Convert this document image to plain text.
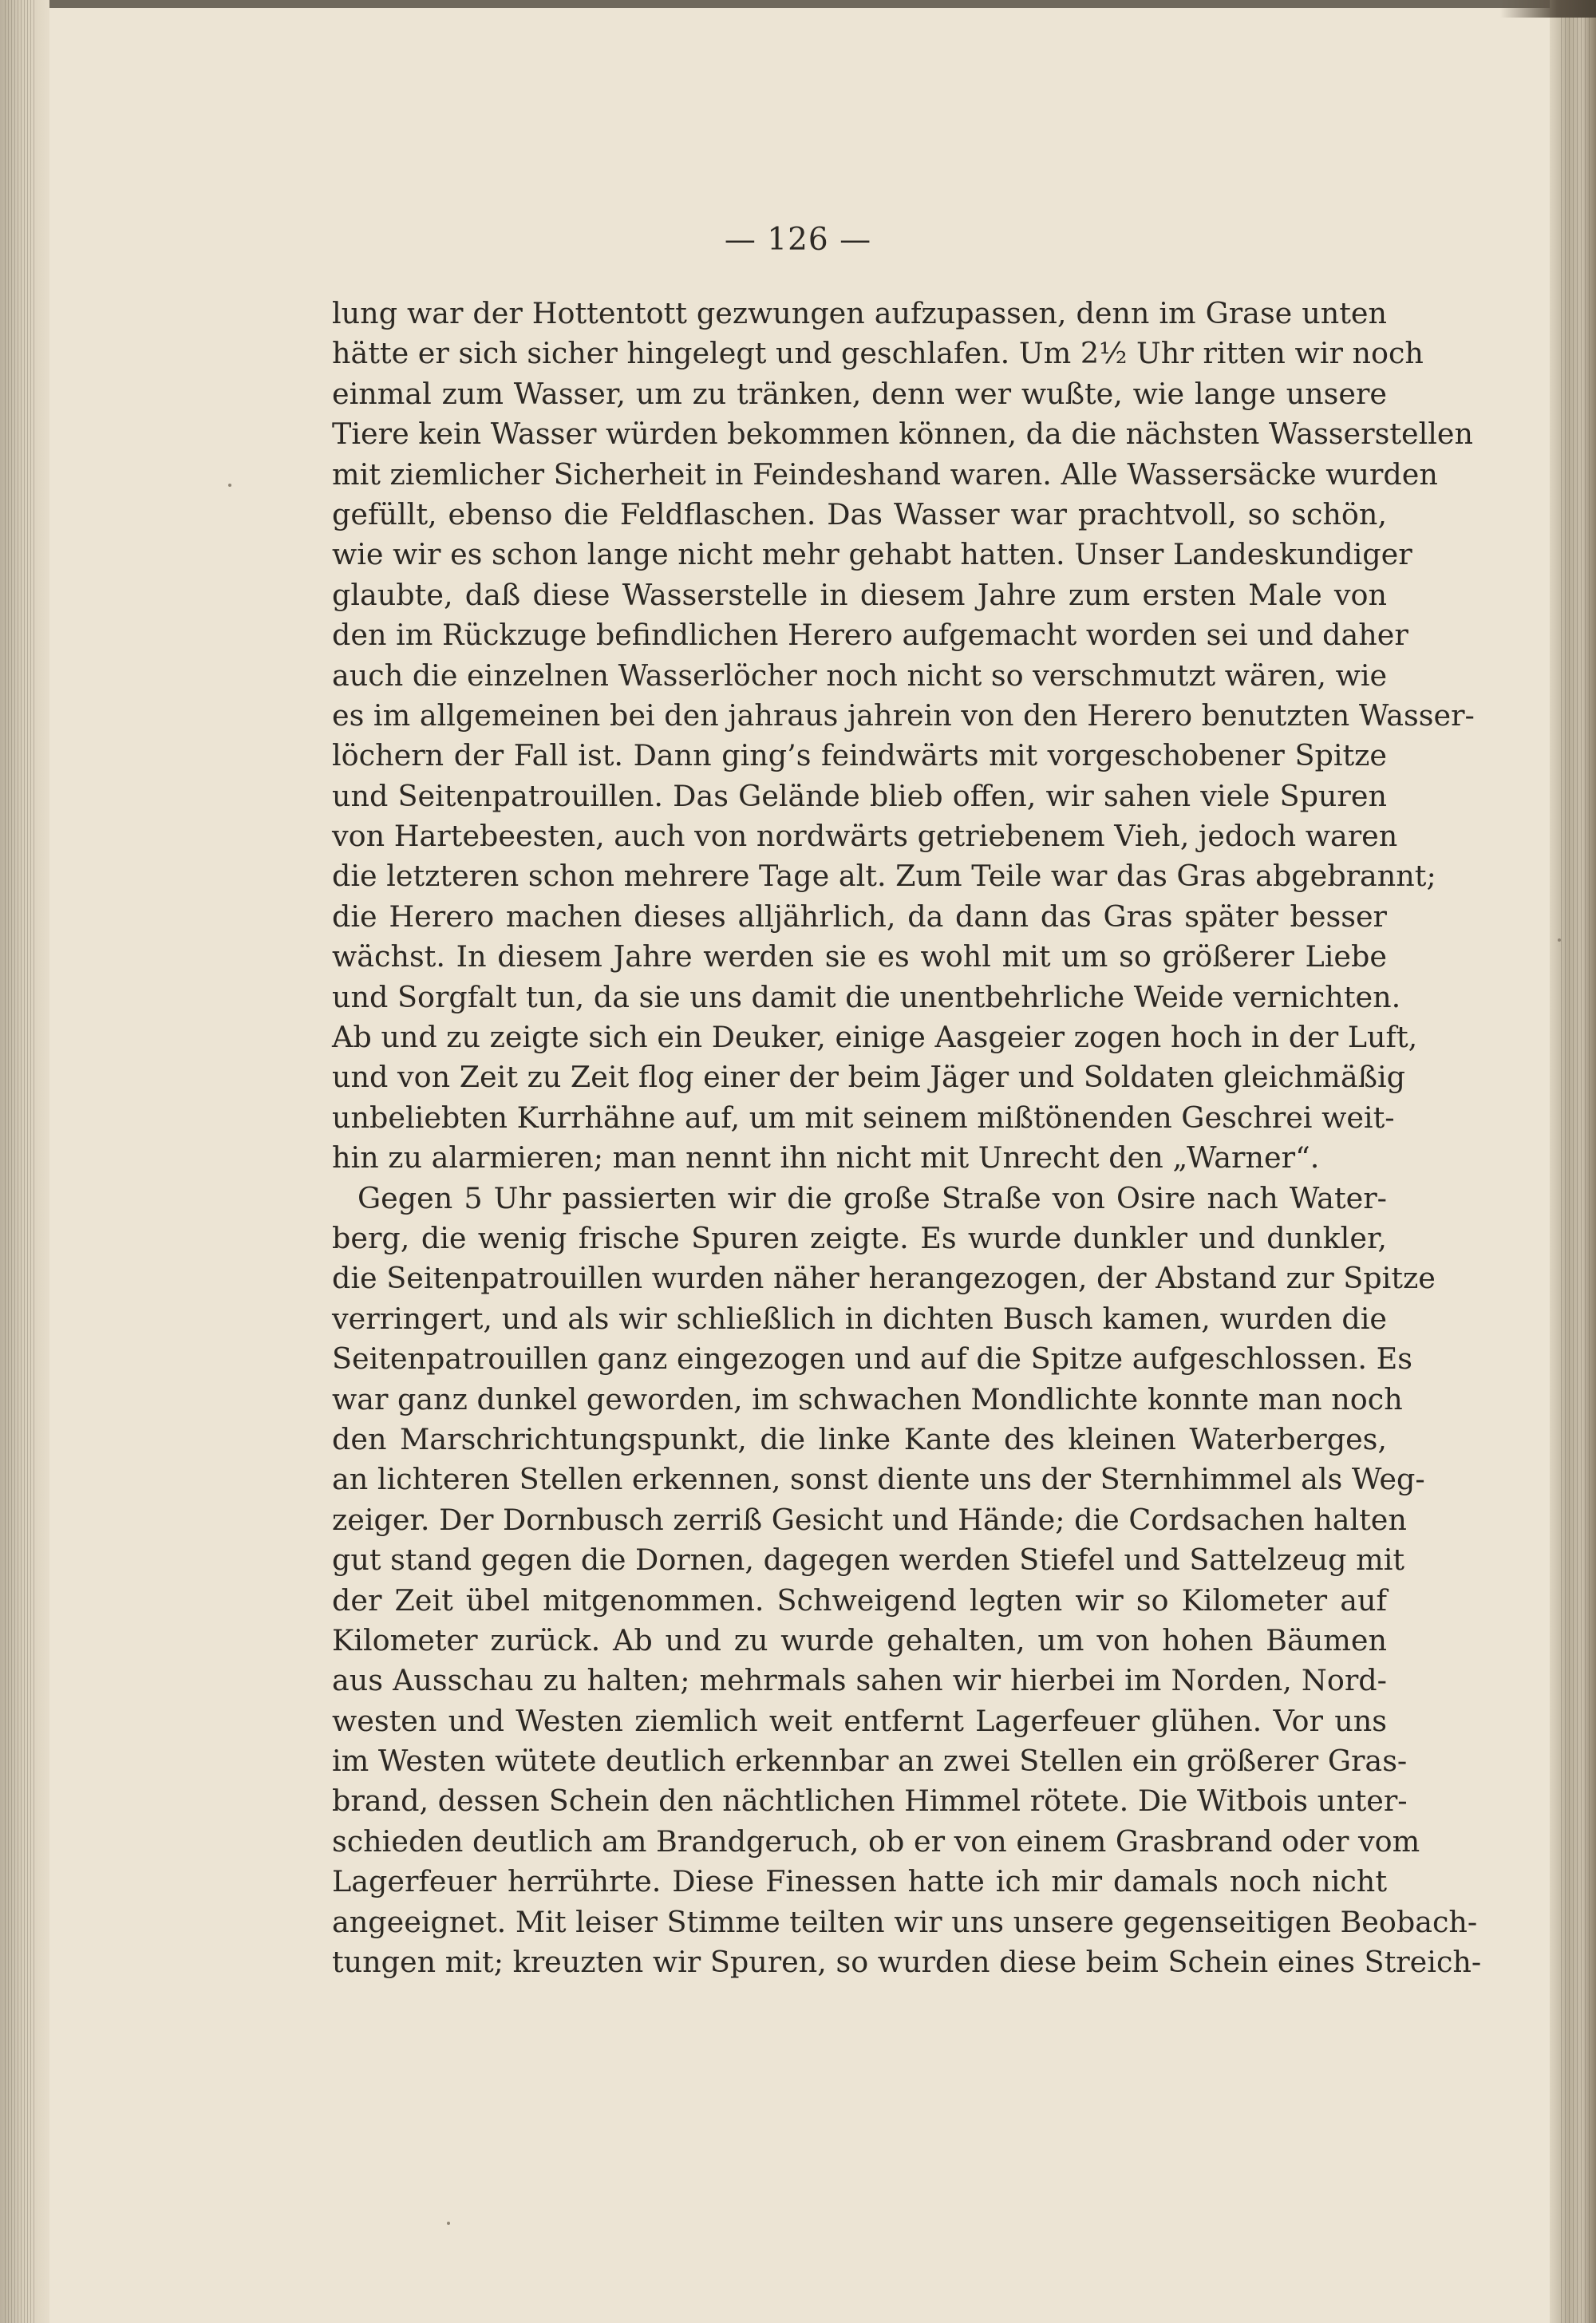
— 126 —
lung war der Hottentott gezwungen aufzupassen, denn im Grase unten
hätte er sich sicher hingelegt und geschlafen. Um 2½ Uhr ritten wir noch
einmal zum Wasser, um zu tränken, denn wer wußte, wie lange unsere
Tiere kein Wasser würden bekommen können, da die nächsten Wasserstellen
mit ziemlicher Sicherheit in Feindeshand waren. Alle Wassersäcke wurden
gefüllt, ebenso die Feldflaschen. Das Wasser war prachtvoll, so schön,
wie wir es schon lange nicht mehr gehabt hatten. Unser Landeskundiger
glaubte, daß diese Wasserstelle in diesem Jahre zum ersten Male von
den im Rückzuge befindlichen Herero aufgemacht worden sei und daher
auch die einzelnen Wasserlöcher noch nicht so verschmutzt wären, wie
es im allgemeinen bei den jahraus jahrein von den Herero benutzten Wasser-
löchern der Fall ist. Dann ging’s feindwärts mit vorgeschobener Spitze
und Seitenpatrouillen. Das Gelände blieb offen, wir sahen viele Spuren
von Hartebeesten, auch von nordwärts getriebenem Vieh, jedoch waren
die letzteren schon mehrere Tage alt. Zum Teile war das Gras abgebrannt;
die Herero machen dieses alljährlich, da dann das Gras später besser
wächst. In diesem Jahre werden sie es wohl mit um so größerer Liebe
und Sorgfalt tun, da sie uns damit die unentbehrliche Weide vernichten.
Ab und zu zeigte sich ein Deuker, einige Aasgeier zogen hoch in der Luft,
und von Zeit zu Zeit flog einer der beim Jäger und Soldaten gleichmäßig
unbeliebten Kurrhähne auf, um mit seinem mißtönenden Geschrei weit-
hin zu alarmieren; man nennt ihn nicht mit Unrecht den „Warner“.
Gegen 5 Uhr passierten wir die große Straße von Osire nach Water-
berg, die wenig frische Spuren zeigte. Es wurde dunkler und dunkler,
die Seitenpatrouillen wurden näher herangezogen, der Abstand zur Spitze
verringert, und als wir schließlich in dichten Busch kamen, wurden die
Seitenpatrouillen ganz eingezogen und auf die Spitze aufgeschlossen. Es
war ganz dunkel geworden, im schwachen Mondlichte konnte man noch
den Marschrichtungspunkt, die linke Kante des kleinen Waterberges,
an lichteren Stellen erkennen, sonst diente uns der Sternhimmel als Weg-
zeiger. Der Dornbusch zerriß Gesicht und Hände; die Cordsachen halten
gut stand gegen die Dornen, dagegen werden Stiefel und Sattelzeug mit
der Zeit übel mitgenommen. Schweigend legten wir so Kilometer auf
Kilometer zurück. Ab und zu wurde gehalten, um von hohen Bäumen
aus Ausschau zu halten; mehrmals sahen wir hierbei im Norden, Nord-
westen und Westen ziemlich weit entfernt Lagerfeuer glühen. Vor uns
im Westen wütete deutlich erkennbar an zwei Stellen ein größerer Gras-
brand, dessen Schein den nächtlichen Himmel rötete. Die Witbois unter-
schieden deutlich am Brandgeruch, ob er von einem Grasbrand oder vom
Lagerfeuer herrührte. Diese Finessen hatte ich mir damals noch nicht
angeeignet. Mit leiser Stimme teilten wir uns unsere gegenseitigen Beobach-
tungen mit; kreuzten wir Spuren, so wurden diese beim Schein eines Streich-
